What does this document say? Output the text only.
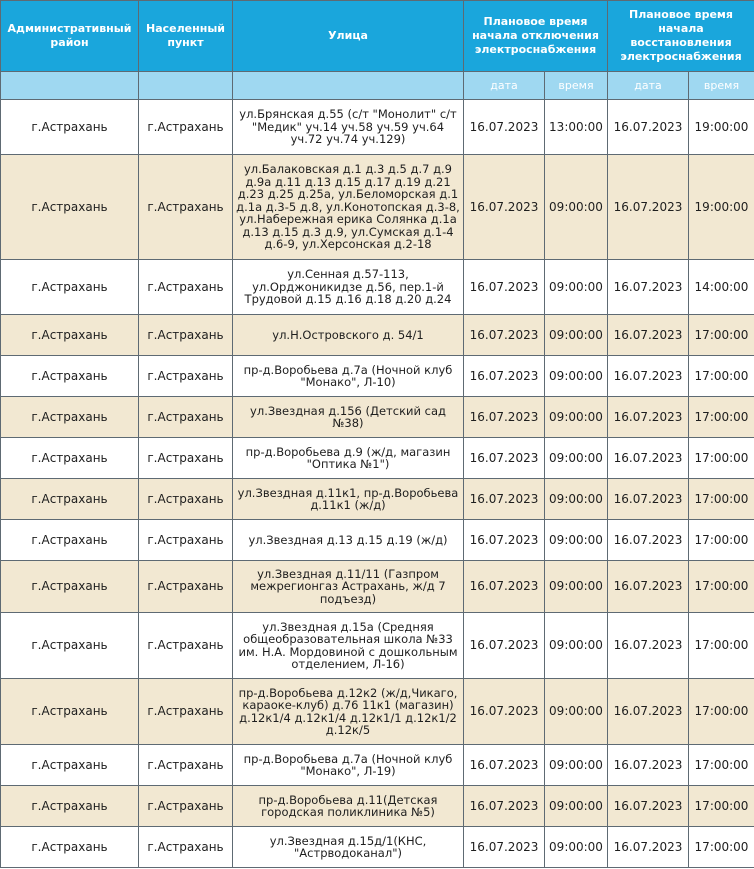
Административный район	Населенный пункт	Улица	Плановое время начала отключения электроснабжения		Плановое время начала восстановления электроснабжения	
			дата	время	дата	время
г.Астрахань	г.Астрахань	ул.Брянская д.55 (с/т "Монолит" с/т "Медик" уч.14 уч.58 уч.59 уч.64 уч.72 уч.74 уч.129)	16.07.2023	13:00:00	16.07.2023	19:00:00
г.Астрахань	г.Астрахань	ул.Балаковская д.1 д.3 д.5 д.7 д.9 д.9а д.11 д.13 д.15 д.17 д.19 д.21 д.23 д.25 д.25а, ул.Беломорская д.1 д.1а д.3-5 д.8, ул.Конотопская д.3-8, ул.Набережная ерика Солянка д.1а д.13 д.15 д.3 д.9, ул.Сумская д.1-4 д.6-9, ул.Херсонская д.2-18	16.07.2023	09:00:00	16.07.2023	19:00:00
г.Астрахань	г.Астрахань	ул.Сенная д.57-113, ул.Орджоникидзе д.56, пер.1-й Трудовой д.15 д.16 д.18 д.20 д.24	16.07.2023	09:00:00	16.07.2023	14:00:00
г.Астрахань	г.Астрахань	ул.Н.Островского д. 54/1	16.07.2023	09:00:00	16.07.2023	17:00:00
г.Астрахань	г.Астрахань	пр-д.Воробьева д.7а (Ночной клуб "Монако", Л-10)	16.07.2023	09:00:00	16.07.2023	17:00:00
г.Астрахань	г.Астрахань	ул.Звездная д.156 (Детский сад №38)	16.07.2023	09:00:00	16.07.2023	17:00:00
г.Астрахань	г.Астрахань	пр-д.Воробьева д.9 (ж/д, магазин "Оптика №1")	16.07.2023	09:00:00	16.07.2023	17:00:00
г.Астрахань	г.Астрахань	ул.Звездная д.11к1, пр-д.Воробьева д.11к1 (ж/д)	16.07.2023	09:00:00	16.07.2023	17:00:00
г.Астрахань	г.Астрахань	ул.Звездная д.13 д.15 д.19 (ж/д)	16.07.2023	09:00:00	16.07.2023	17:00:00
г.Астрахань	г.Астрахань	ул.Звездная д.11/11 (Газпром межрегионгаз Астрахань, ж/д 7 подъезд)	16.07.2023	09:00:00	16.07.2023	17:00:00
г.Астрахань	г.Астрахань	ул.Звездная д.15а (Средняя общеобразовательная школа №33 им. Н.А. Мордовиной с дошкольным отделением, Л-16)	16.07.2023	09:00:00	16.07.2023	17:00:00
г.Астрахань	г.Астрахань	пр-д.Воробьева д.12к2 (ж/д,Чикаго, караоке-клуб) д.76 11к1 (магазин) д.12к1/4 д.12к1/4 д.12к1/1 д.12к1/2 д.12к/5	16.07.2023	09:00:00	16.07.2023	17:00:00
г.Астрахань	г.Астрахань	пр-д.Воробьева д.7а (Ночной клуб "Монако", Л-19)	16.07.2023	09:00:00	16.07.2023	17:00:00
г.Астрахань	г.Астрахань	пр-д.Воробьева д.11(Детская городская поликлиника №5)	16.07.2023	09:00:00	16.07.2023	17:00:00
г.Астрахань	г.Астрахань	ул.Звездная д.15д/1(КНС, "Астрводоканал")	16.07.2023	09:00:00	16.07.2023	17:00:00
